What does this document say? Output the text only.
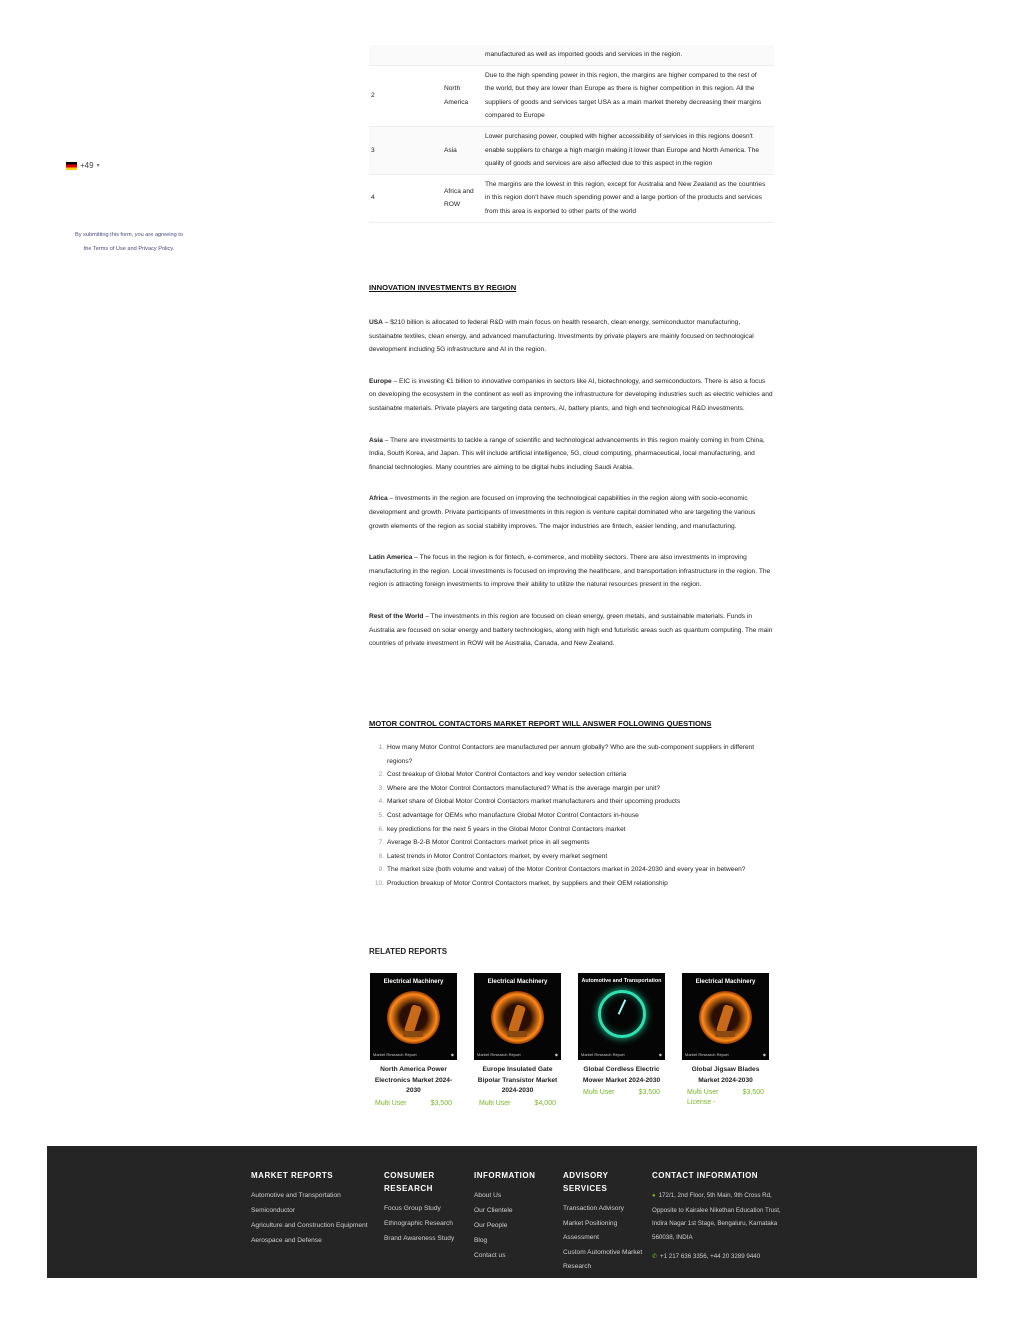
+49 ▾
By submitting this form, you are agreeing to
the Terms of Use and Privacy Policy.
		manufactured as well as imported goods and services in the region.
2	North America	Due to the high spending power in this region, the margins are higher compared to the rest of the world, but they are lower than Europe as there is higher competition in this region. All the suppliers of goods and services target USA as a main market thereby decreasing their margins compared to Europe
3	Asia	Lower purchasing power, coupled with higher accessibility of services in this regions doesn't enable suppliers to charge a high margin making it lower than Europe and North America. The quality of goods and services are also affected due to this aspect in the region
4	Africa and ROW	The margins are the lowest in this region, except for Australia and New Zealand as the countries in this region don't have much spending power and a large portion of the products and services from this area is exported to other parts of the world
INNOVATION INVESTMENTS BY REGION

USA – $210 billion is allocated to federal R&D with main focus on health research, clean energy, semiconductor manufacturing, sustainable textiles, clean energy, and advanced manufacturing. Investments by private players are mainly focused on technological development including 5G infrastructure and AI in the region.

Europe – EIC is investing €1 billion to innovative companies in sectors like AI, biotechnology, and semiconductors. There is also a focus on developing the ecosystem in the continent as well as improving the infrastructure for developing industries such as electric vehicles and sustainable materials. Private players are targeting data centers, AI, battery plants, and high end technological R&D investments.

Asia – There are investments to tackle a range of scientific and technological advancements in this region mainly coming in from China, India, South Korea, and Japan. This will include artificial intelligence, 5G, cloud computing, pharmaceutical, local manufacturing, and financial technologies. Many countries are aiming to be digital hubs including Saudi Arabia.

Africa – Investments in the region are focused on improving the technological capabilities in the region along with socio-economic development and growth. Private participants of investments in this region is venture capital dominated who are targeting the various growth elements of the region as social stability improves. The major industries are fintech, easier lending, and manufacturing.

Latin America – The focus in the region is for fintech, e-commerce, and mobility sectors. There are also investments in improving manufacturing in the region. Local investments is focused on improving the healthcare, and transportation infrastructure in the region. The region is attracting foreign investments to improve their ability to utilize the natural resources present in the region.

Rest of the World – The investments in this region are focused on clean energy, green metals, and sustainable materials. Funds in Australia are focused on solar energy and battery technologies, along with high end futuristic areas such as quantum computing. The main countries of private investment in ROW will be Australia, Canada, and New Zealand.

MOTOR CONTROL CONTACTORS MARKET REPORT WILL ANSWER FOLLOWING QUESTIONS
1. How many Motor Control Contactors are manufactured per annum globally? Who are the sub-component suppliers in different regions?
2. Cost breakup of Global Motor Control Contactors and key vendor selection criteria
3. Where are the Motor Control Contactors manufactured? What is the average margin per unit?
4. Market share of Global Motor Control Contactors market manufacturers and their upcoming products
5. Cost advantage for OEMs who manufacture Global Motor Control Contactors in-house
6. key predictions for the next 5 years in the Global Motor Control Contactors market
7. Average B-2-B Motor Control Contactors market price in all segments
8. Latest trends in Motor Control Contactors market, by every market segment
9. The market size (both volume and value) of the Motor Control Contactors market in 2024-2030 and every year in between?
10. Production breakup of Motor Control Contactors market, by suppliers and their OEM relationship
RELATED REPORTS
Electrical Machinery
Market Research Report	◆
North America Power Electronics Market 2024-2030
Multi User	$3,500
Electrical Machinery
Market Research Report	◆
Europe Insulated Gate Bipolar Transistor Market 2024-2030
Multi User	$4,000
Automotive and Transportation
Market Research Report	◆
Global Cordless Electric Mower Market 2024-2030
Multi User	$3,500
Electrical Machinery
Market Research Report	◆
Global Jigsaw Blades Market 2024-2030
Multi User	$3,500
License -
MARKET REPORTS
Automotive and Transportation
Semiconductor
Agriculture and Construction Equipment
Aerospace and Defense
CONSUMER RESEARCH
Focus Group Study
Ethnographic Research
Brand Awareness Study
INFORMATION
About Us
Our Clientele
Our People
Blog
Contact us
ADVISORY SERVICES
Transaction Advisory
Market Positioning Assessment
Custom Automotive Market Research
CONTACT INFORMATION
● 172/1, 2nd Floor, 5th Main, 9th Cross Rd, Opposite to Kairalee Nikethan Education Trust, Indira Nagar 1st Stage, Bengaluru, Karnataka 560038, INDIA
✆ +1 217 636 3356, +44 20 3289 9440
